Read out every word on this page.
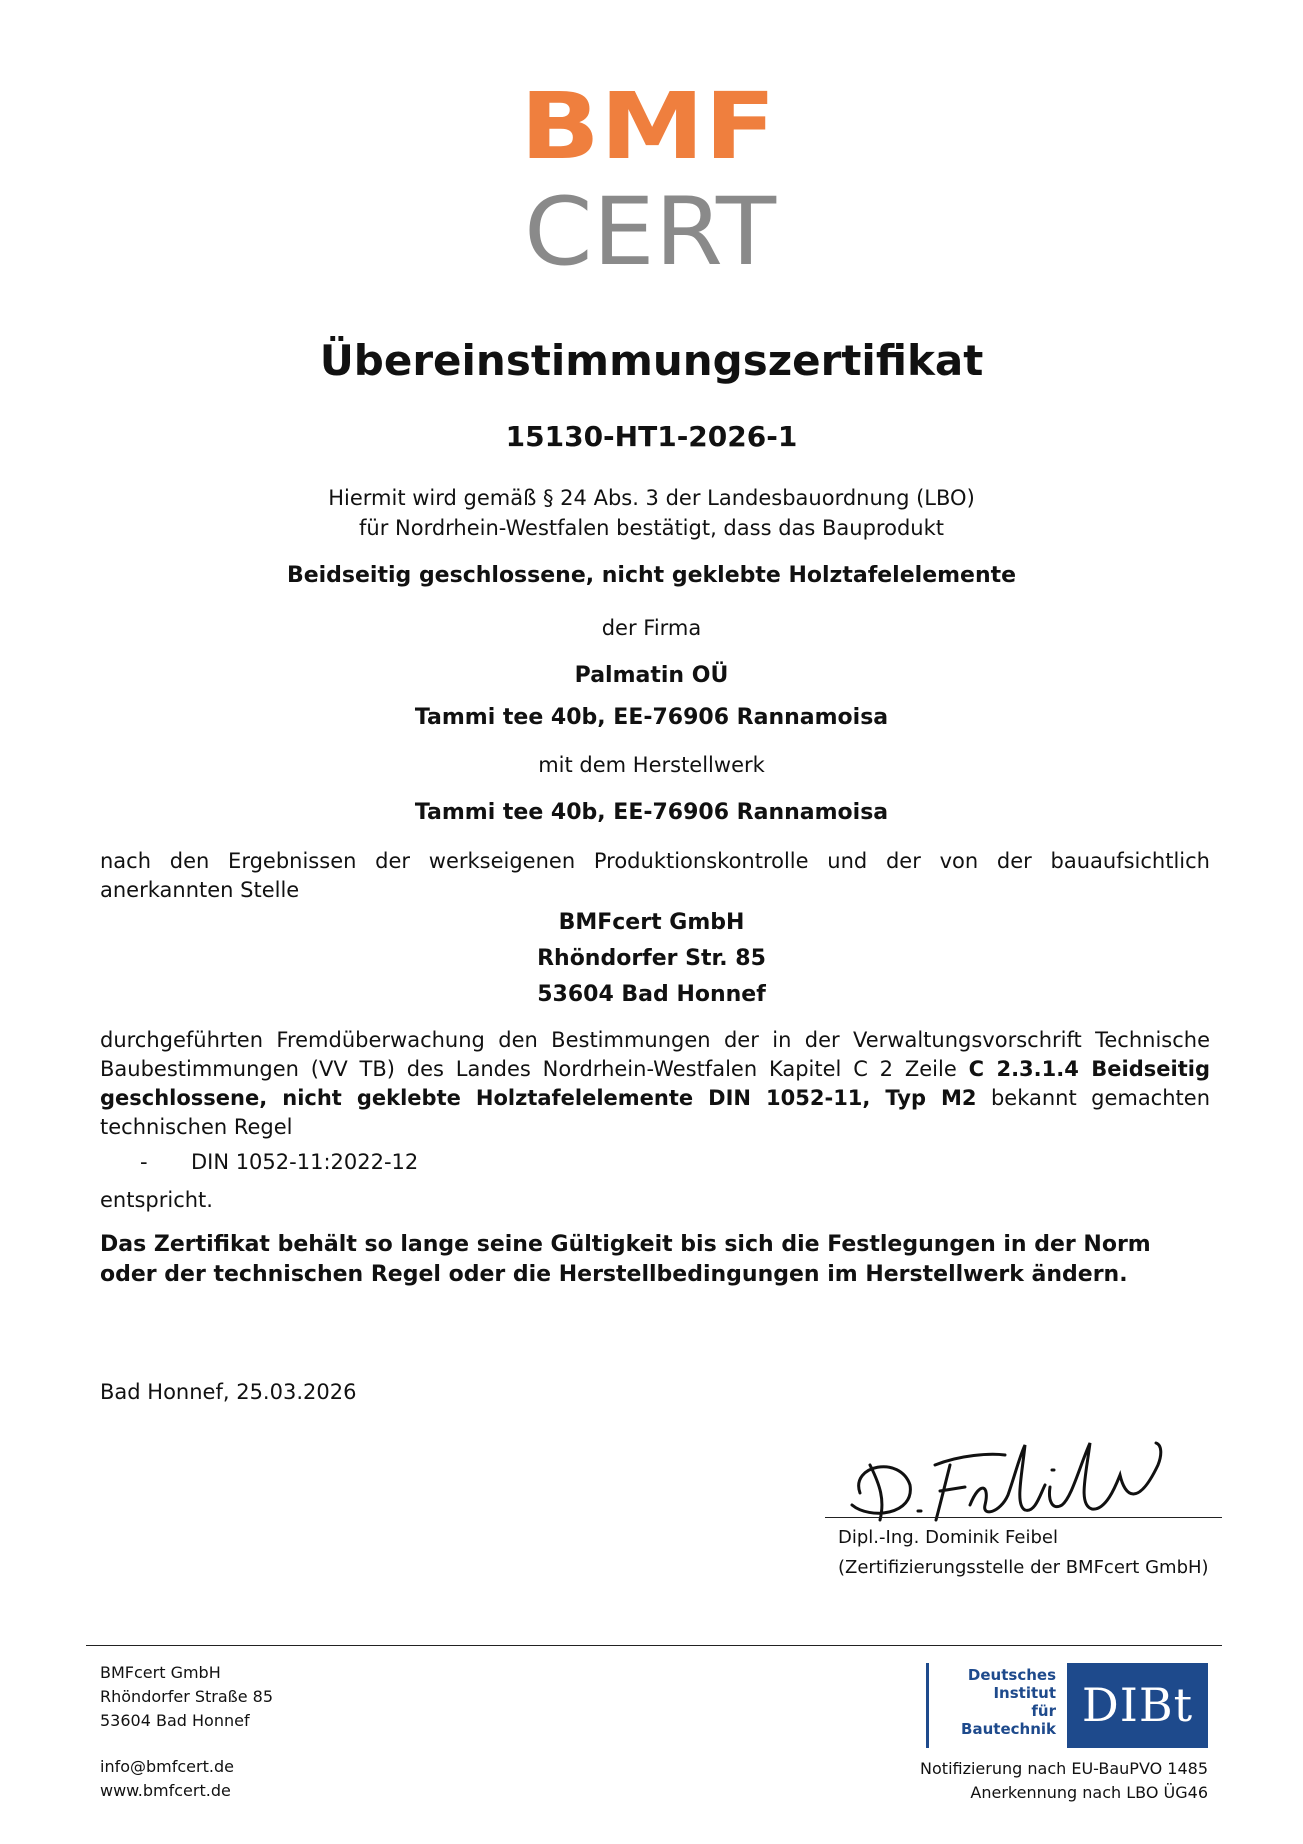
BMF
CERT
Übereinstimmungszertifikat
15130-HT1-2026-1
Hiermit wird gemäß § 24 Abs. 3 der Landesbauordnung (LBO)
für Nordrhein-Westfalen bestätigt, dass das Bauprodukt
Beidseitig geschlossene, nicht geklebte Holztafelelemente
der Firma
Palmatin OÜ
Tammi tee 40b, EE-76906 Rannamoisa
mit dem Herstellwerk
Tammi tee 40b, EE-76906 Rannamoisa
nach den Ergebnissen der werkseigenen Produktionskontrolle und der von der bauaufsichtlich anerkannten Stelle
BMFcert GmbH
Rhöndorfer Str. 85
53604 Bad Honnef
durchgeführten Fremdüberwachung den Bestimmungen der in der Verwaltungsvorschrift Technische
Baubestimmungen (VV TB) des Landes Nordrhein-Westfalen Kapitel C 2 Zeile C 2.3.1.4 Beidseitig
geschlossene, nicht geklebte Holztafelelemente DIN 1052-11, Typ M2 bekannt gemachten
technischen Regel
- DIN 1052-11:2022-12
entspricht.
Das Zertifikat behält so lange seine Gültigkeit bis sich die Festlegungen in der Norm oder der technischen Regel oder die Herstellbedingungen im Herstellwerk ändern.
Bad Honnef, 25.03.2026
D.Feibel
Dipl.-Ing. Dominik Feibel
(Zertifizierungsstelle der BMFcert GmbH)
BMFcert GmbH
Rhöndorfer Straße 85
53604 Bad Honnef
info@bmfcert.de
www.bmfcert.de
Deutsches
Institut
für
Bautechnik DIBt
Notifizierung nach EU-BauPVO 1485
Anerkennung nach LBO ÜG46
